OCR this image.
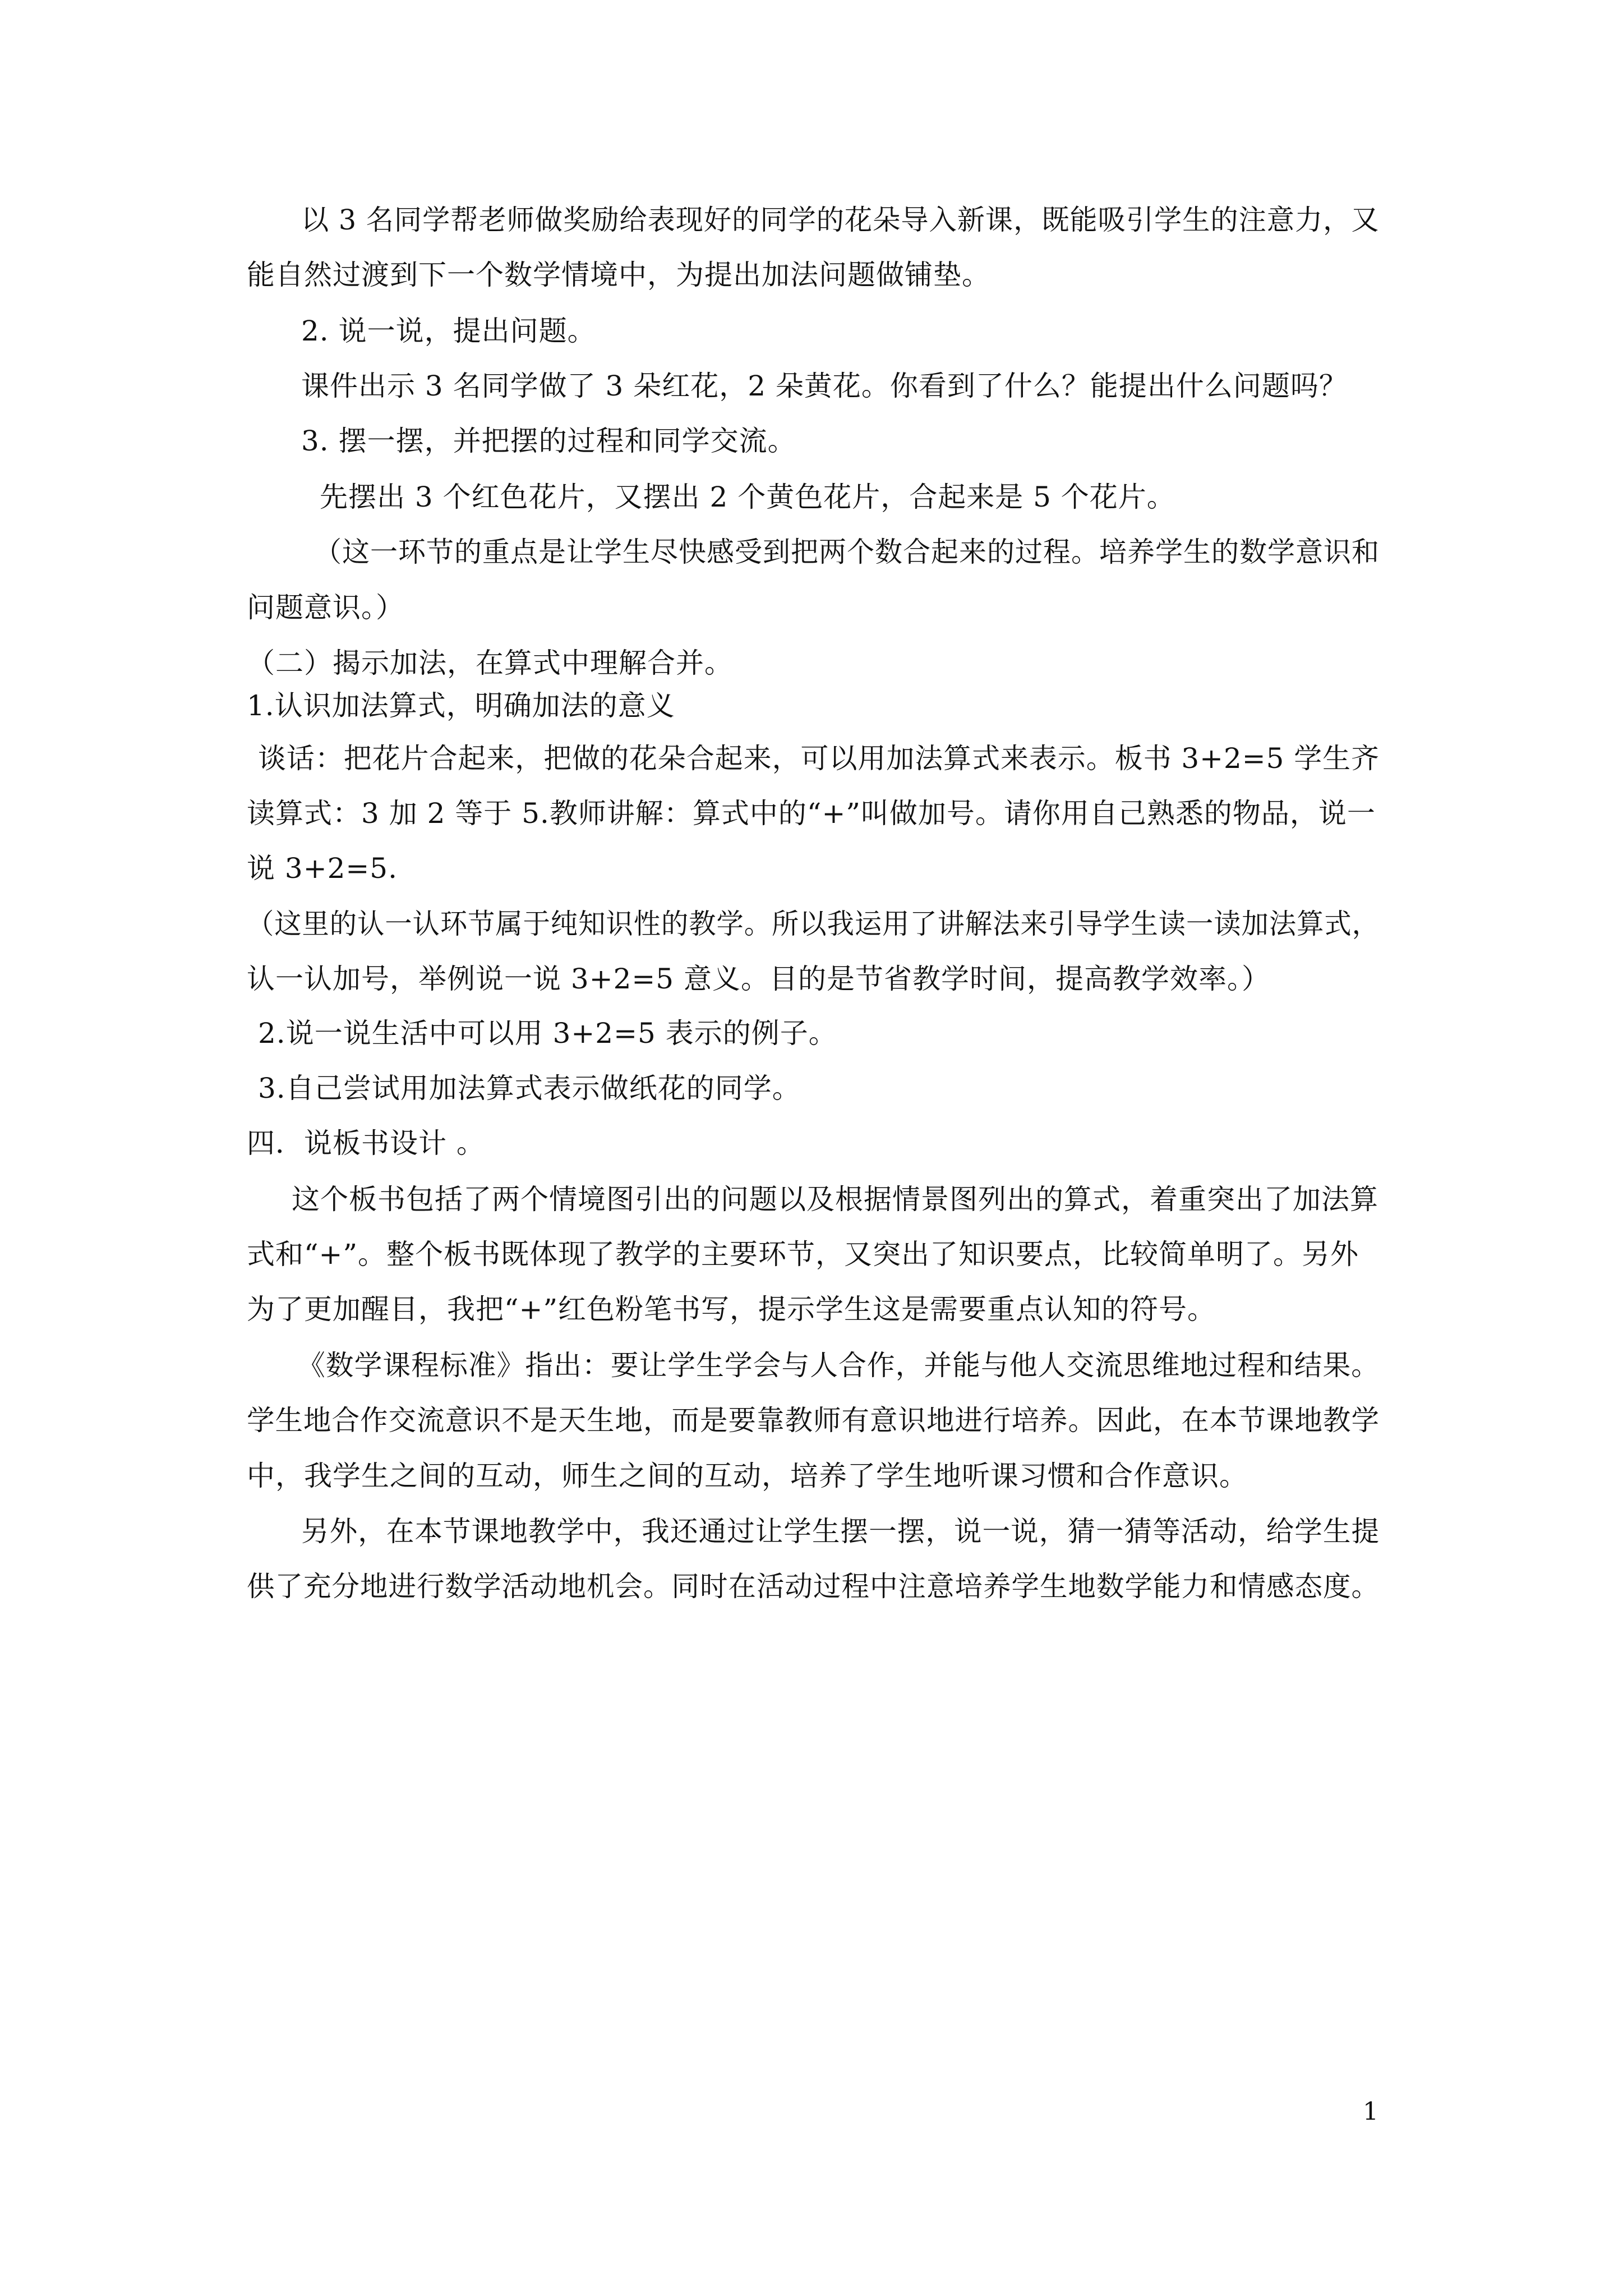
以 3 名同学帮老师做奖励给表现好的同学的花朵导入新课，既能吸引学生的注意力，又
能自然过渡到下一个数学情境中，为提出加法问题做铺垫。
2. 说一说，提出问题。
课件出示 3 名同学做了 3 朵红花，2 朵黄花。你看到了什么？能提出什么问题吗？
3. 摆一摆，并把摆的过程和同学交流。
先摆出 3 个红色花片，又摆出 2 个黄色花片，合起来是 5 个花片。
（这一环节的重点是让学生尽快感受到把两个数合起来的过程。培养学生的数学意识和
问题意识。）
（二）揭示加法，在算式中理解合并。
1.认识加法算式，明确加法的意义
谈话：把花片合起来，把做的花朵合起来，可以用加法算式来表示。板书 3+2=5 学生齐
读算式：3 加 2 等于 5.教师讲解：算式中的“+”叫做加号。请你用自己熟悉的物品，说一
说 3+2=5.
（这里的认一认环节属于纯知识性的教学。所以我运用了讲解法来引导学生读一读加法算式，
认一认加号，举例说一说 3+2=5 意义。目的是节省教学时间，提高教学效率。）
2.说一说生活中可以用 3+2=5 表示的例子。
3.自己尝试用加法算式表示做纸花的同学。
四．说板书设计 。
这个板书包括了两个情境图引出的问题以及根据情景图列出的算式，着重突出了加法算
式和“+”。整个板书既体现了教学的主要环节，又突出了知识要点，比较简单明了。另外
为了更加醒目，我把“+”红色粉笔书写，提示学生这是需要重点认知的符号。
《数学课程标准》指出：要让学生学会与人合作，并能与他人交流思维地过程和结果。
学生地合作交流意识不是天生地，而是要靠教师有意识地进行培养。因此，在本节课地教学
中，我学生之间的互动，师生之间的互动，培养了学生地听课习惯和合作意识。
另外，在本节课地教学中，我还通过让学生摆一摆，说一说，猜一猜等活动，给学生提
供了充分地进行数学活动地机会。同时在活动过程中注意培养学生地数学能力和情感态度。
1
